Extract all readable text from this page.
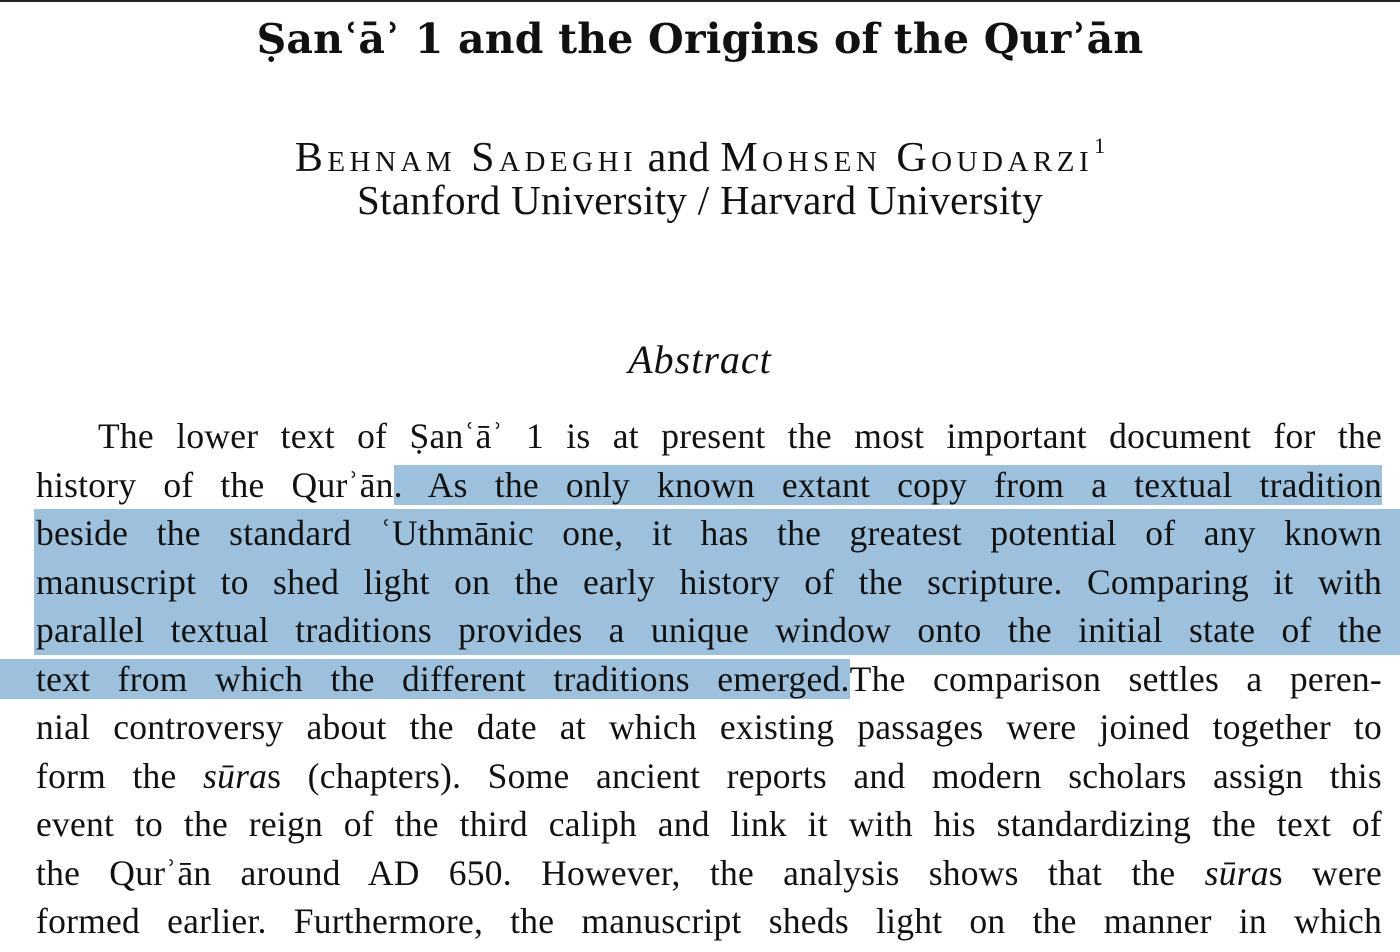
Ṣanʿāʾ 1 and the Origins of the Qurʾān
Behnam Sadeghi and Mohsen Goudarzi$^1$
Stanford University / Harvard University
Abstract
The lower text of Ṣanʿāʾ 1 is at present the most important document for the
history of the Qurʾān. As the only known extant copy from a textual tradition
beside the standard ʿUthmānic one, it has the greatest potential of any known
manuscript to shed light on the early history of the scripture. Comparing it with
parallel textual traditions provides a unique window onto the initial state of the
text from which the different traditions emerged.The comparison settles a peren-
nial controversy about the date at which existing passages were joined together to
form the sūras (chapters). Some ancient reports and modern scholars assign this
event to the reign of the third caliph and link it with his standardizing the text of
the Qurʾān around AD 650. However, the analysis shows that the sūras were
formed earlier. Furthermore, the manuscript sheds light on the manner in which
